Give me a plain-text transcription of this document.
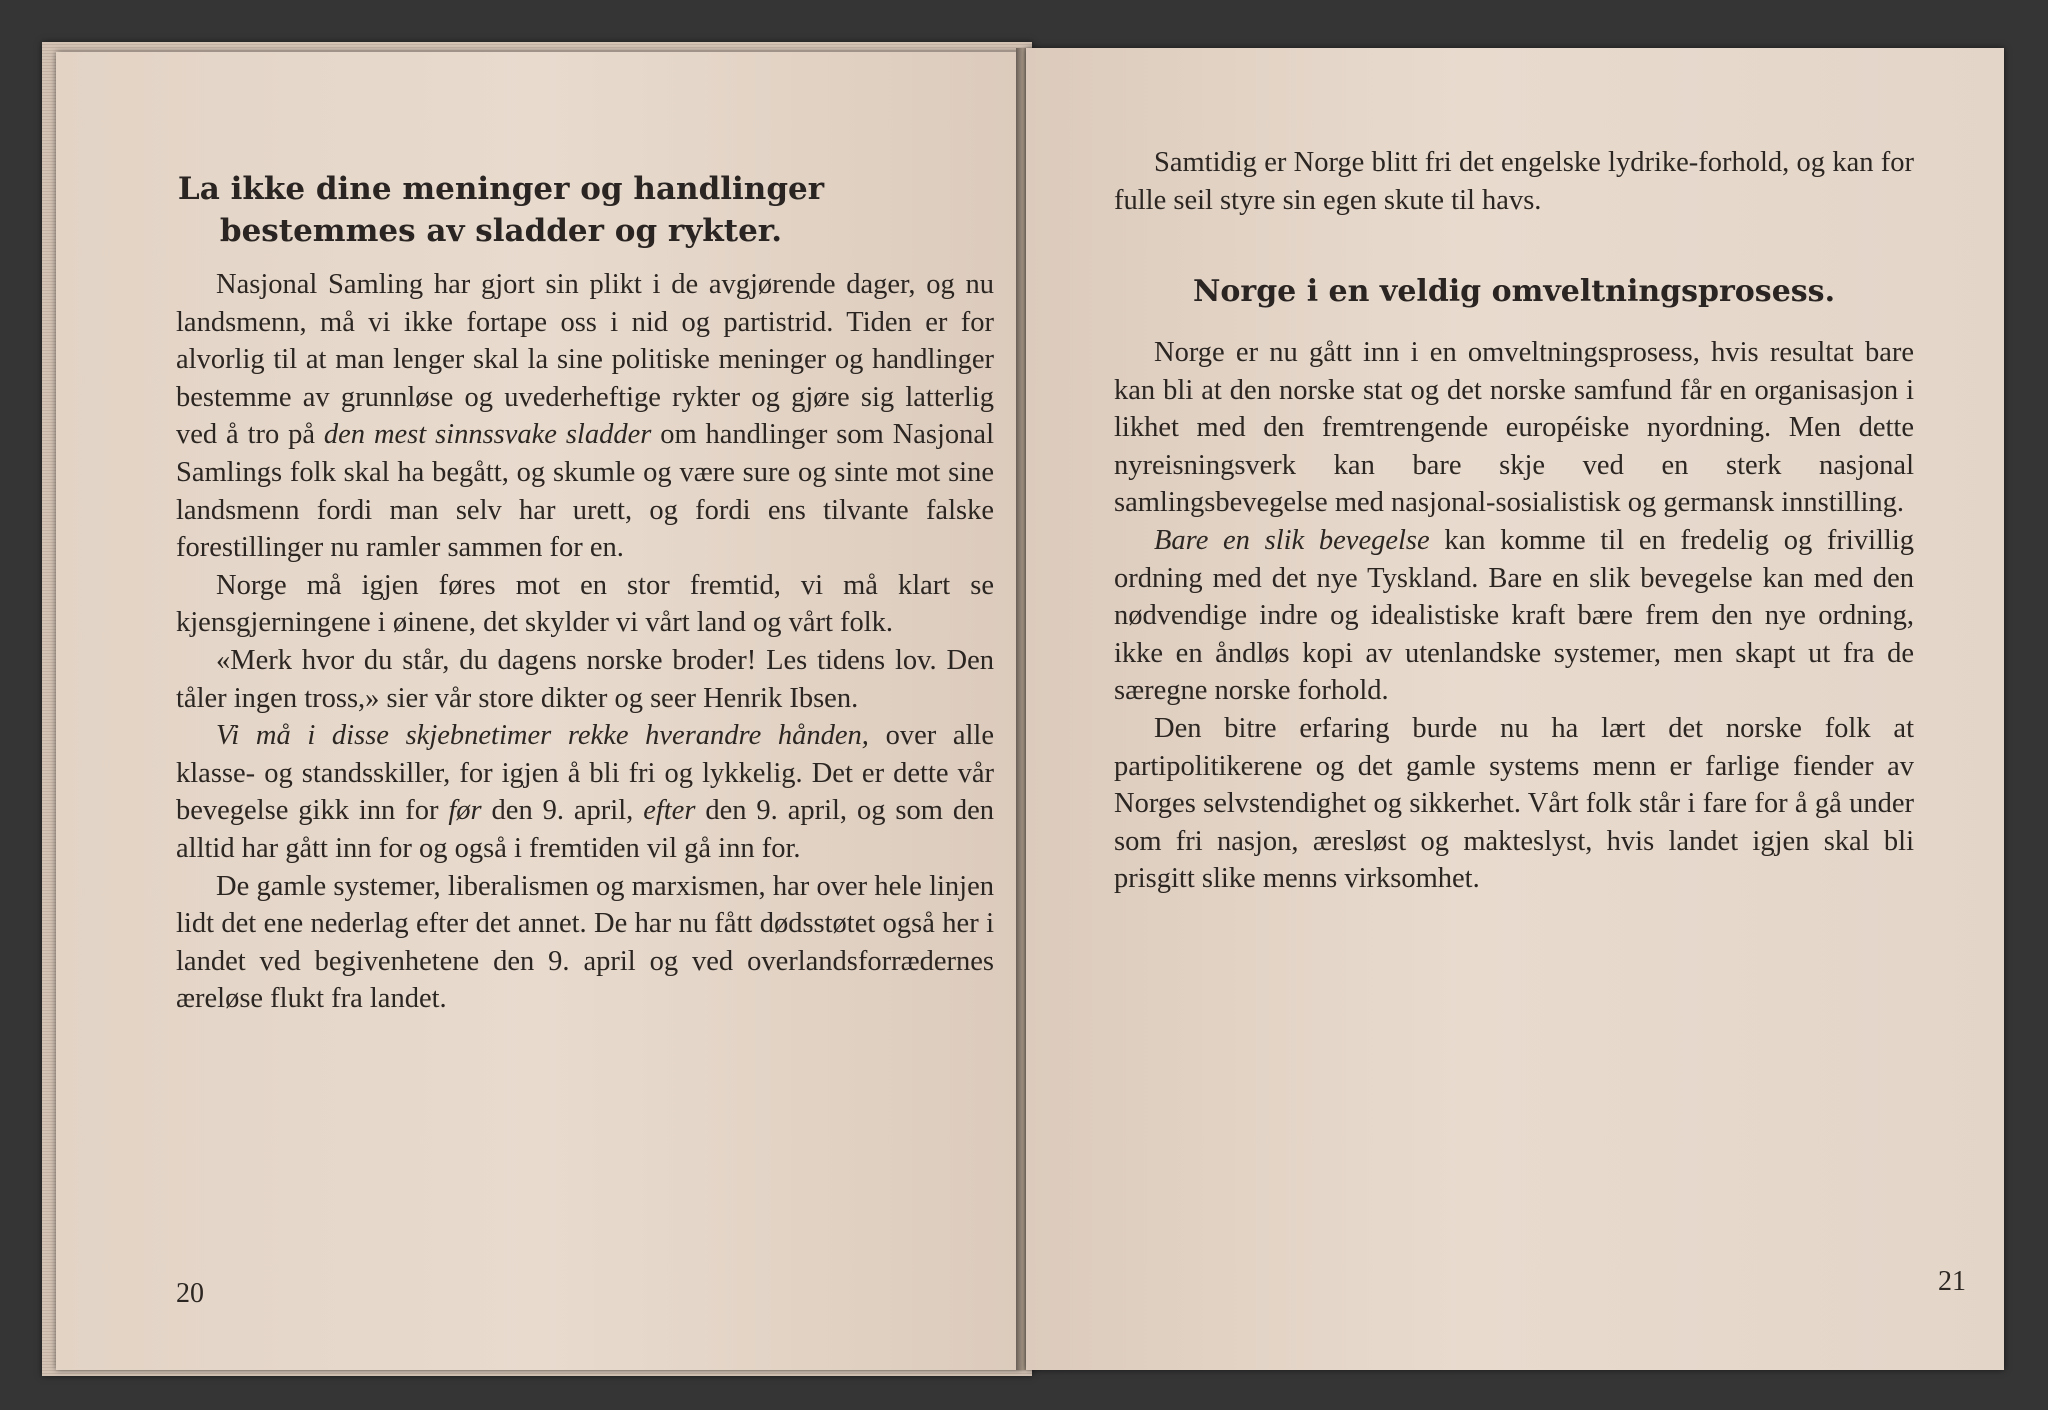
La ikke dine meninger og handlinger
bestemmes av sladder og rykter.

Nasjonal Samling har gjort sin plikt i de avgjørende dager, og nu landsmenn, må vi ikke fortape oss i nid og partistrid. Tiden er for alvorlig til at man lenger skal la sine politiske meninger og handlinger bestemme av grunnløse og uvederheftige rykter og gjøre sig latterlig ved å tro på den mest sinnssvake sladder om handlinger som Nasjonal Samlings folk skal ha begått, og skumle og være sure og sinte mot sine landsmenn fordi man selv har urett, og fordi ens tilvante falske forestillinger nu ramler sammen for en.

Norge må igjen føres mot en stor fremtid, vi må klart se kjensgjerningene i øinene, det skylder vi vårt land og vårt folk.

«Merk hvor du står, du dagens norske broder! Les tidens lov. Den tåler ingen tross,» sier vår store dikter og seer Henrik Ibsen.

Vi må i disse skjebnetimer rekke hverandre hånden, over alle klasse- og standsskiller, for igjen å bli fri og lykkelig. Det er dette vår bevegelse gikk inn for før den 9. april, efter den 9. april, og som den alltid har gått inn for og også i fremtiden vil gå inn for.

De gamle systemer, liberalismen og marxismen, har over hele linjen lidt det ene nederlag efter det annet. De har nu fått dødsstøtet også her i landet ved begivenhetene den 9. april og ved overlandsforrædernes æreløse flukt fra landet.

20

Samtidig er Norge blitt fri det engelske lydrike-forhold, og kan for fulle seil styre sin egen skute til havs.

Norge i en veldig omveltningsprosess.

Norge er nu gått inn i en omveltningsprosess, hvis resultat bare kan bli at den norske stat og det norske samfund får en organisasjon i likhet med den fremtrengende européiske nyordning. Men dette nyreisningsverk kan bare skje ved en sterk nasjonal samlingsbevegelse med nasjonal-sosialistisk og germansk innstilling.

Bare en slik bevegelse kan komme til en fredelig og frivillig ordning med det nye Tyskland. Bare en slik bevegelse kan med den nødvendige indre og idealistiske kraft bære frem den nye ordning, ikke en åndløs kopi av utenlandske systemer, men skapt ut fra de særegne norske forhold.

Den bitre erfaring burde nu ha lært det norske folk at partipolitikerene og det gamle systems menn er farlige fiender av Norges selvstendighet og sikkerhet. Vårt folk står i fare for å gå under som fri nasjon, æresløst og makteslyst, hvis landet igjen skal bli prisgitt slike menns virksomhet.

21
